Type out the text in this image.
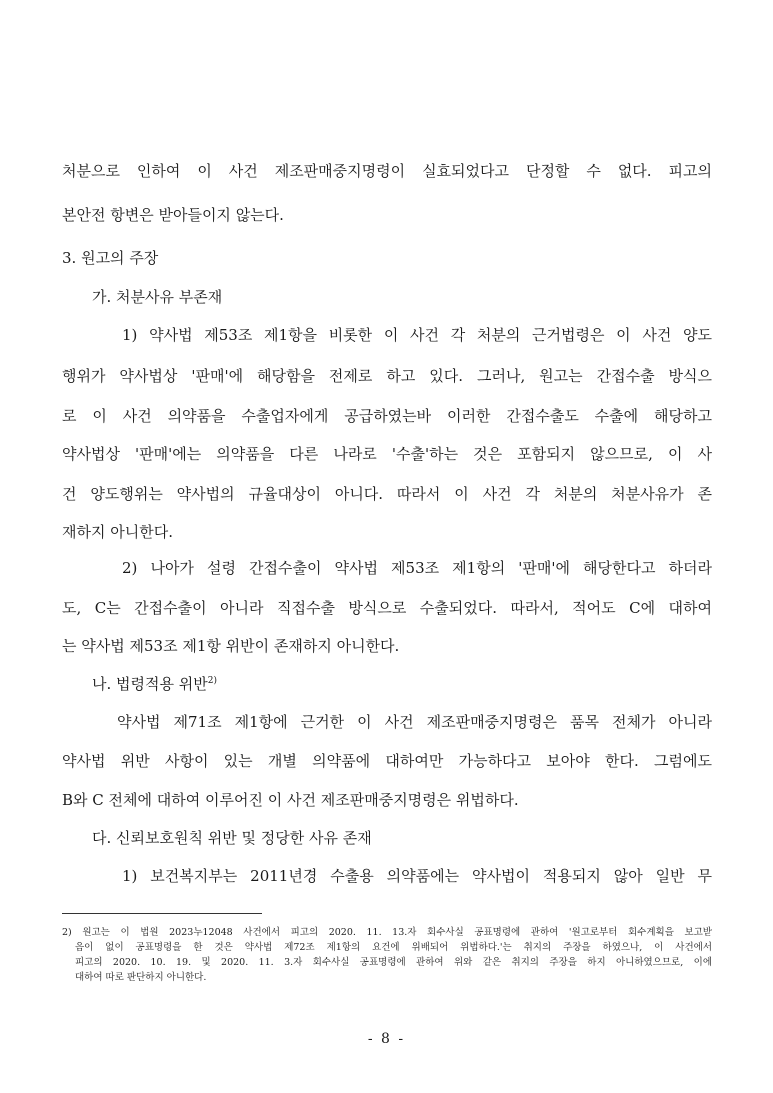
처분으로 인하여 이 사건 제조판매중지명령이 실효되었다고 단정할 수 없다. 피고의

본안전 항변은 받아들이지 않는다.

3. 원고의 주장

가. 처분사유 부존재

1) 약사법 제53조 제1항을 비롯한 이 사건 각 처분의 근거법령은 이 사건 양도

행위가 약사법상 '판매'에 해당함을 전제로 하고 있다. 그러나, 원고는 간접수출 방식으

로 이 사건 의약품을 수출업자에게 공급하였는바 이러한 간접수출도 수출에 해당하고

약사법상 '판매'에는 의약품을 다른 나라로 '수출'하는 것은 포함되지 않으므로, 이 사

건 양도행위는 약사법의 규율대상이 아니다. 따라서 이 사건 각 처분의 처분사유가 존

재하지 아니한다.

2) 나아가 설령 간접수출이 약사법 제53조 제1항의 '판매'에 해당한다고 하더라

도, C는 간접수출이 아니라 직접수출 방식으로 수출되었다. 따라서, 적어도 C에 대하여

는 약사법 제53조 제1항 위반이 존재하지 아니한다.

나. 법령적용 위반$^{2)}$

약사법 제71조 제1항에 근거한 이 사건 제조판매중지명령은 품목 전체가 아니라

약사법 위반 사항이 있는 개별 의약품에 대하여만 가능하다고 보아야 한다. 그럼에도

B와 C 전체에 대하여 이루어진 이 사건 제조판매중지명령은 위법하다.

다. 신뢰보호원칙 위반 및 정당한 사유 존재

1) 보건복지부는 2011년경 수출용 의약품에는 약사법이 적용되지 않아 일반 무

2) 원고는 이 법원 2023누12048 사건에서 피고의 2020. 11. 13.자 회수사실 공표명령에 관하여 '원고로부터 회수계획을 보고받

음이 없이 공표명령을 한 것은 약사법 제72조 제1항의 요건에 위배되어 위법하다.'는 취지의 주장을 하였으나, 이 사건에서

피고의 2020. 10. 19. 및 2020. 11. 3.자 회수사실 공표명령에 관하여 위와 같은 취지의 주장을 하지 아니하였으므로, 이에

대하여 따로 판단하지 아니한다.

- 8 -
